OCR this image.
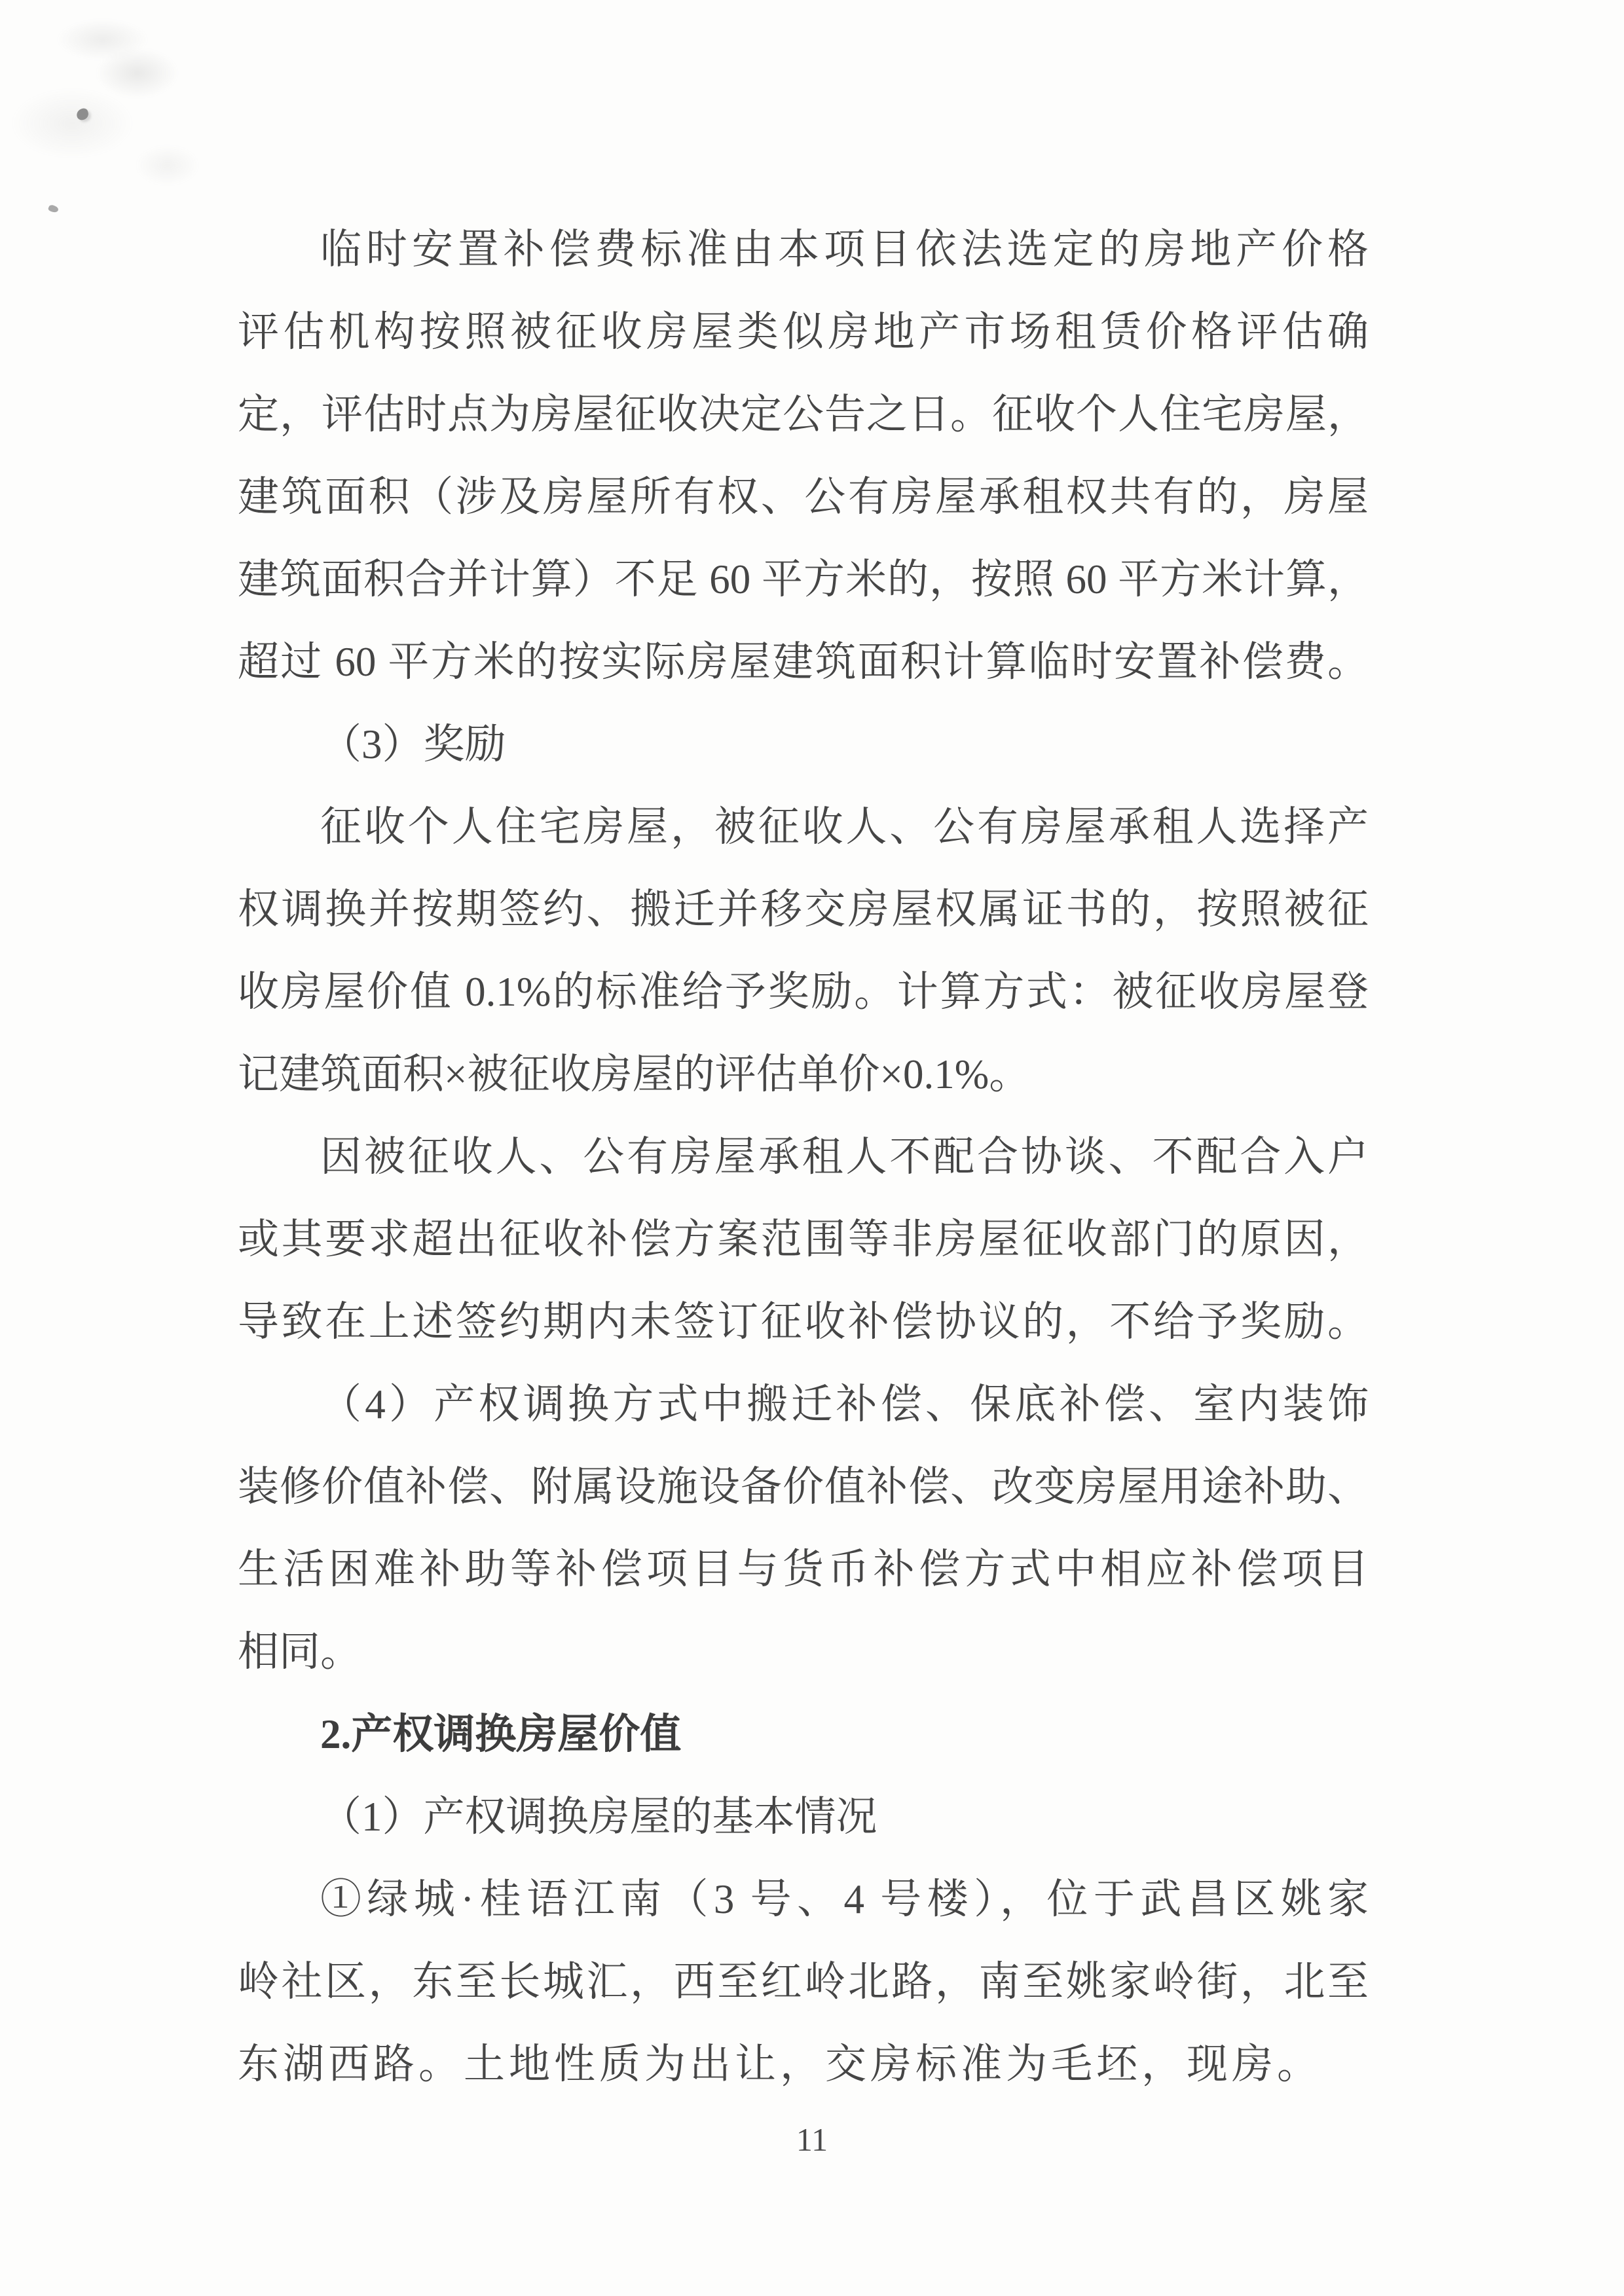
临时安置补偿费标准由本项目依法选定的房地产价格
评估机构按照被征收房屋类似房地产市场租赁价格评估确
定，评估时点为房屋征收决定公告之日。征收个人住宅房屋，
建筑面积（涉及房屋所有权、公有房屋承租权共有的，房屋
建筑面积合并计算）不足 60 平方米的，按照 60 平方米计算，
超过 60 平方米的按实际房屋建筑面积计算临时安置补偿费。
（3）奖励
征收个人住宅房屋，被征收人、公有房屋承租人选择产
权调换并按期签约、搬迁并移交房屋权属证书的，按照被征
收房屋价值 0.1%的标准给予奖励。计算方式：被征收房屋登
记建筑面积×被征收房屋的评估单价×0.1%。
因被征收人、公有房屋承租人不配合协谈、不配合入户
或其要求超出征收补偿方案范围等非房屋征收部门的原因，
导致在上述签约期内未签订征收补偿协议的，不给予奖励。
（4）产权调换方式中搬迁补偿、保底补偿、室内装饰
装修价值补偿、附属设施设备价值补偿、改变房屋用途补助、
生活困难补助等补偿项目与货币补偿方式中相应补偿项目
相同。
2.产权调换房屋价值
（1）产权调换房屋的基本情况
①绿城·桂语江南（3 号、4 号楼），位于武昌区姚家
岭社区，东至长城汇，西至红岭北路，南至姚家岭街，北至
东湖西路。土地性质为出让，交房标准为毛坯，现房。
11
